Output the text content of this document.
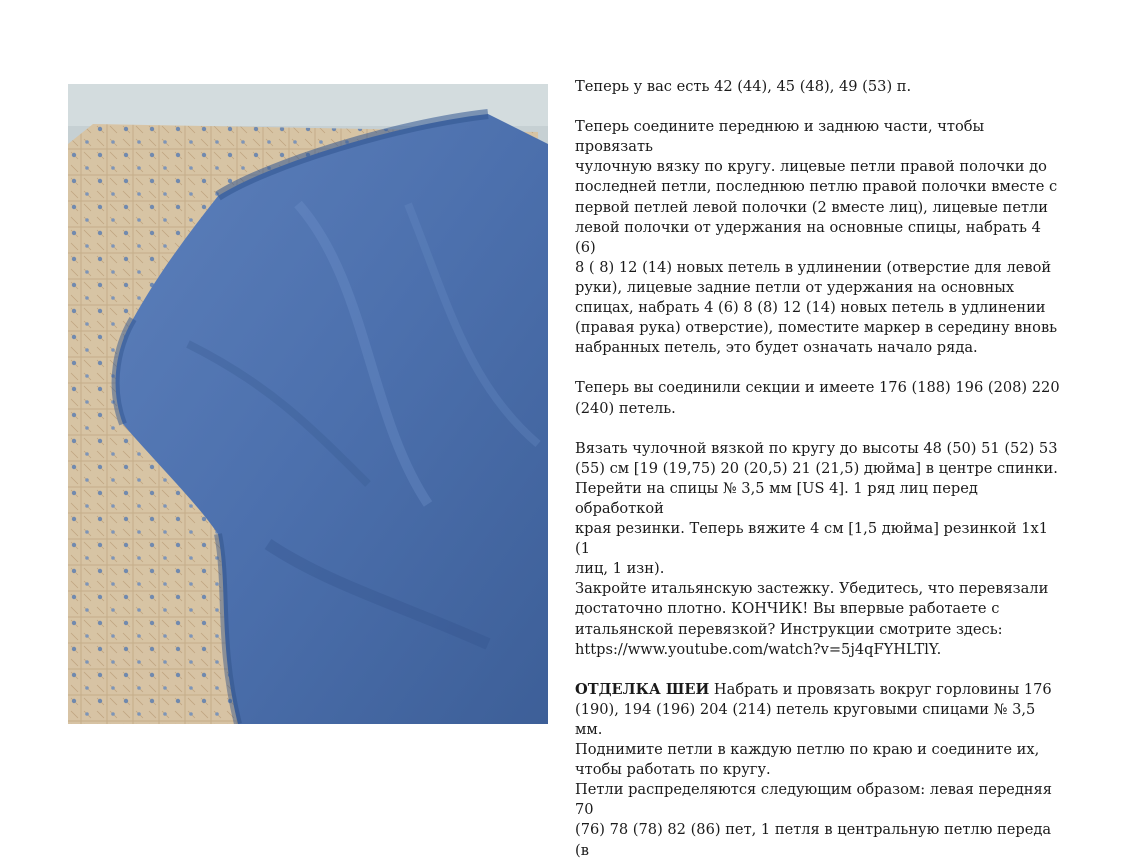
Теперь у вас есть 42 (44), 45 (48), 49 (53) п.

Теперь соедините переднюю и заднюю части, чтобы провязать
чулочную вязку по кругу. лицевые петли правой полочки до
последней петли, последнюю петлю правой полочки вместе с
первой петлей левой полочки (2 вместе лиц), лицевые петли
левой полочки от удержания на основные спицы, набрать 4 (6)
8 ( 8) 12 (14) новых петель в удлинении (отверстие для левой
руки), лицевые задние петли от удержания на основных
спицах, набрать 4 (6) 8 (8) 12 (14) новых петель в удлинении
(правая рука) отверстие), поместите маркер в середину вновь
набранных петель, это будет означать начало ряда.

Теперь вы соединили секции и имеете 176 (188) 196 (208) 220
(240) петель.

Вязать чулочной вязкой по кругу до высоты 48 (50) 51 (52) 53
(55) см [19 (19,75) 20 (20,5) 21 (21,5) дюйма] в центре спинки.
Перейти на спицы № 3,5 мм [US 4]. 1 ряд лиц перед обработкой
края резинки. Теперь вяжите 4 см [1,5 дюйма] резинкой 1х1 (1
лиц, 1 изн).

Закройте итальянскую застежку. Убедитесь, что перевязали
достаточно плотно. КОНЧИК! Вы впервые работаете с
итальянской перевязкой? Инструкции смотрите здесь:
https://www.youtube.com/watch?v=5j4qFYHLTlY.

ОТДЕЛКА ШЕИ Набрать и провязать вокруг горловины 176
(190), 194 (196) 204 (214) петель круговыми спицами № 3,5 мм.
Поднимите петли в каждую петлю по краю и соедините их,
чтобы работать по кругу.

Петли распределяются следующим образом: левая передняя 70
(76) 78 (78) 82 (86) пет, 1 петля в центральную петлю переда (в
